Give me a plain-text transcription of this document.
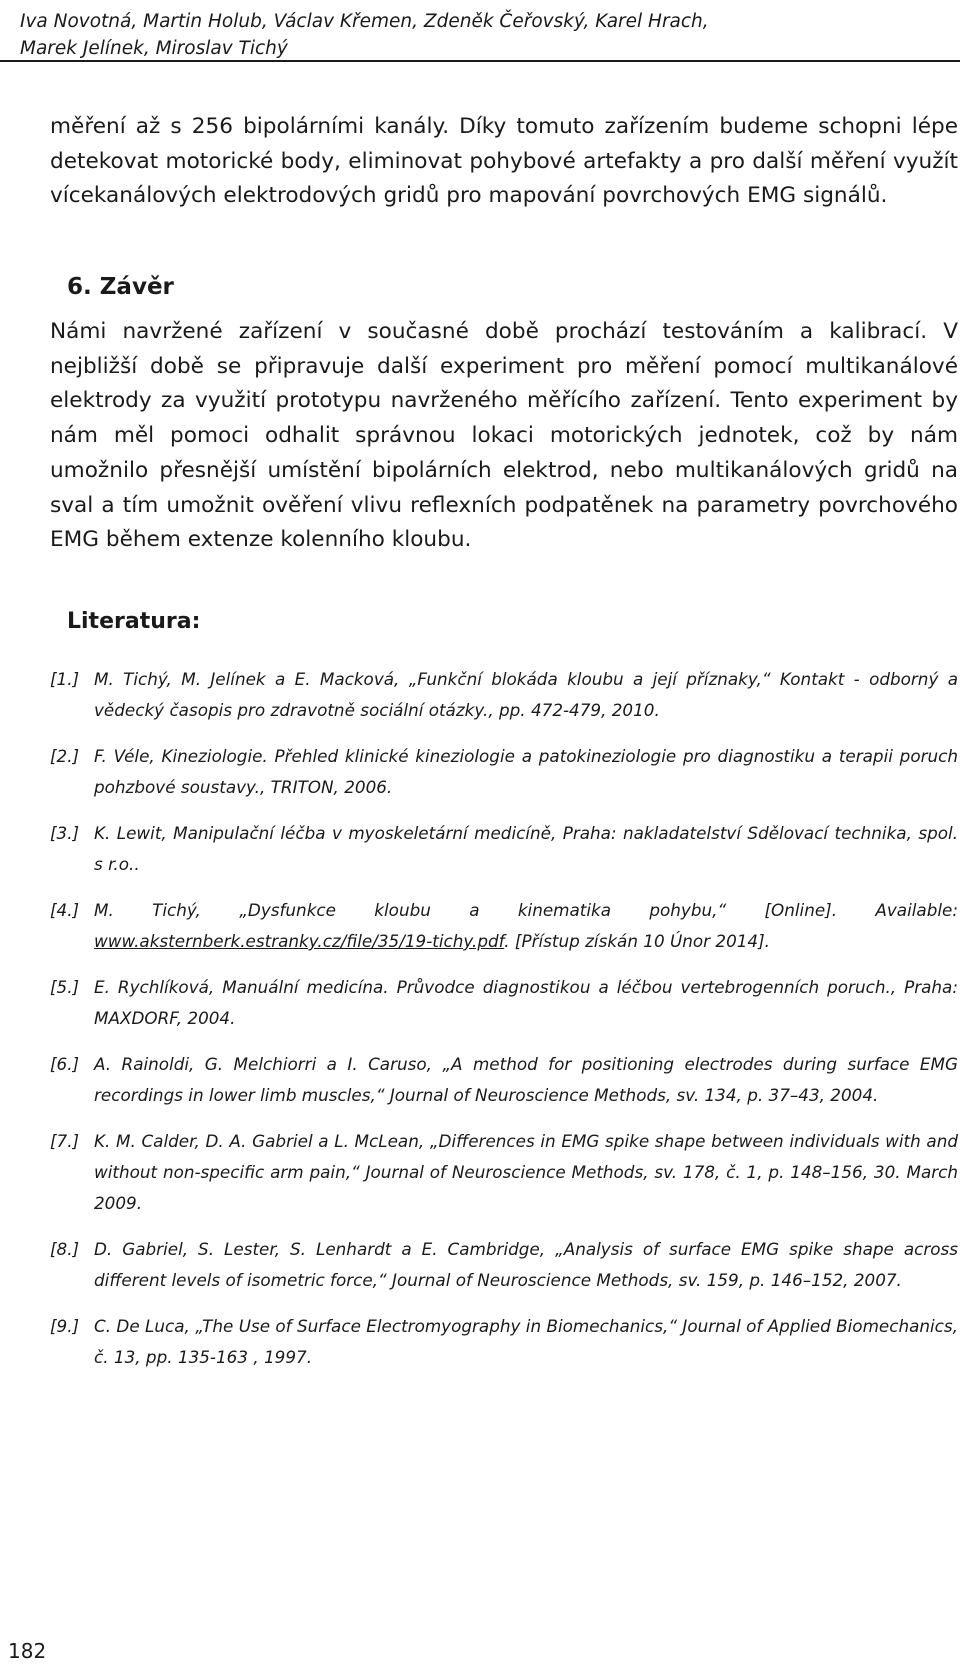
Iva Novotná, Martin Holub, Václav Křemen, Zdeněk Čeřovský, Karel Hrach,
Marek Jelínek, Miroslav Tichý
měření až s 256 bipolárními kanály. Díky tomuto zařízením budeme schopni lépe detekovat motorické body, eliminovat pohybové artefakty a pro další měření využít vícekanálových elektrodových gridů pro mapování povrchových EMG signálů.
6. Závěr
Námi navržené zařízení v současné době prochází testováním a kalibrací. V nejbližší době se připravuje další experiment pro měření pomocí multikanálové elektrody za využití prototypu navrženého měřícího zařízení. Tento experiment by nám měl pomoci odhalit správnou lokaci motorických jednotek, což by nám umožnilo přesnější umístění bipolárních elektrod, nebo multikanálových gridů na sval a tím umožnit ověření vlivu reflexních podpatěnek na parametry povrchového EMG během extenze kolenního kloubu.
Literatura:
[1.] M. Tichý, M. Jelínek a E. Macková, „Funkční blokáda kloubu a její příznaky,“ Kontakt - odborný a vědecký časopis pro zdravotně sociální otázky., pp. 472-479, 2010.
[2.] F. Véle, Kineziologie. Přehled klinické kineziologie a patokineziologie pro diagnostiku a terapii poruch pohzbové soustavy., TRITON, 2006.
[3.] K. Lewit, Manipulační léčba v myoskeletární medicíně, Praha: nakladatelství Sdělovací technika, spol. s r.o..
[4.] M. Tichý, „Dysfunkce kloubu a kinematika pohybu,“ [Online]. Available: www.aksternberk.estranky.cz/file/35/19-tichy.pdf. [Přístup získán 10 Únor 2014].
[5.] E. Rychlíková, Manuální medicína. Průvodce diagnostikou a léčbou vertebrogenních poruch., Praha: MAXDORF, 2004.
[6.] A. Rainoldi, G. Melchiorri a I. Caruso, „A method for positioning electrodes during surface EMG recordings in lower limb muscles,“ Journal of Neuroscience Methods, sv. 134, p. 37–43, 2004.
[7.] K. M. Calder, D. A. Gabriel a L. McLean, „Differences in EMG spike shape between individuals with and without non-specific arm pain,“ Journal of Neuroscience Methods, sv. 178, č. 1, p. 148–156, 30. March 2009.
[8.] D. Gabriel, S. Lester, S. Lenhardt a E. Cambridge, „Analysis of surface EMG spike shape across different levels of isometric force,“ Journal of Neuroscience Methods, sv. 159, p. 146–152, 2007.
[9.] C. De Luca, „The Use of Surface Electromyography in Biomechanics,“ Journal of Applied Biomechanics, č. 13, pp. 135-163 , 1997.
182
